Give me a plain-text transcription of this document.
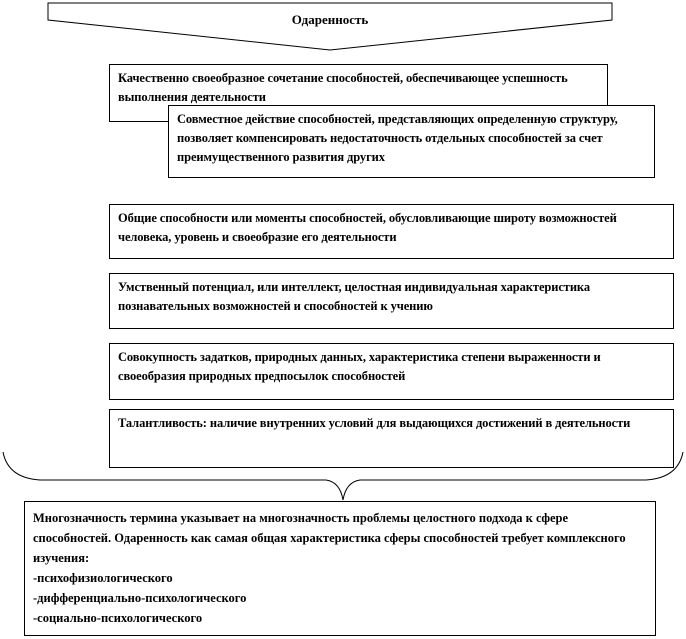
Одаренность
Качественно своеобразное сочетание способностей, обеспечивающее успешность выполнения деятельности
Совместное действие способностей, представляющих определенную структуру, позволяет компенсировать недостаточность отдельных способностей за счет преимущественного развития других
Общие способности или моменты способностей, обусловливающие широту возможностей человека, уровень и своеобразие его деятельности
Умственный потенциал, или интеллект, целостная индивидуальная характеристика познавательных возможностей и способностей к учению
Совокупность задатков, природных данных, характеристика степени выраженности и своеобразия природных предпосылок способностей
Талантливость: наличие внутренних условий для выдающихся достижений в деятельности
Многозначность термина указывает на многозначность проблемы целостного подхода к сфере способностей. Одаренность как самая общая характеристика сферы способностей требует комплексного изучения:
-психофизиологического
-дифференциально-психологического
-социально-психологического
